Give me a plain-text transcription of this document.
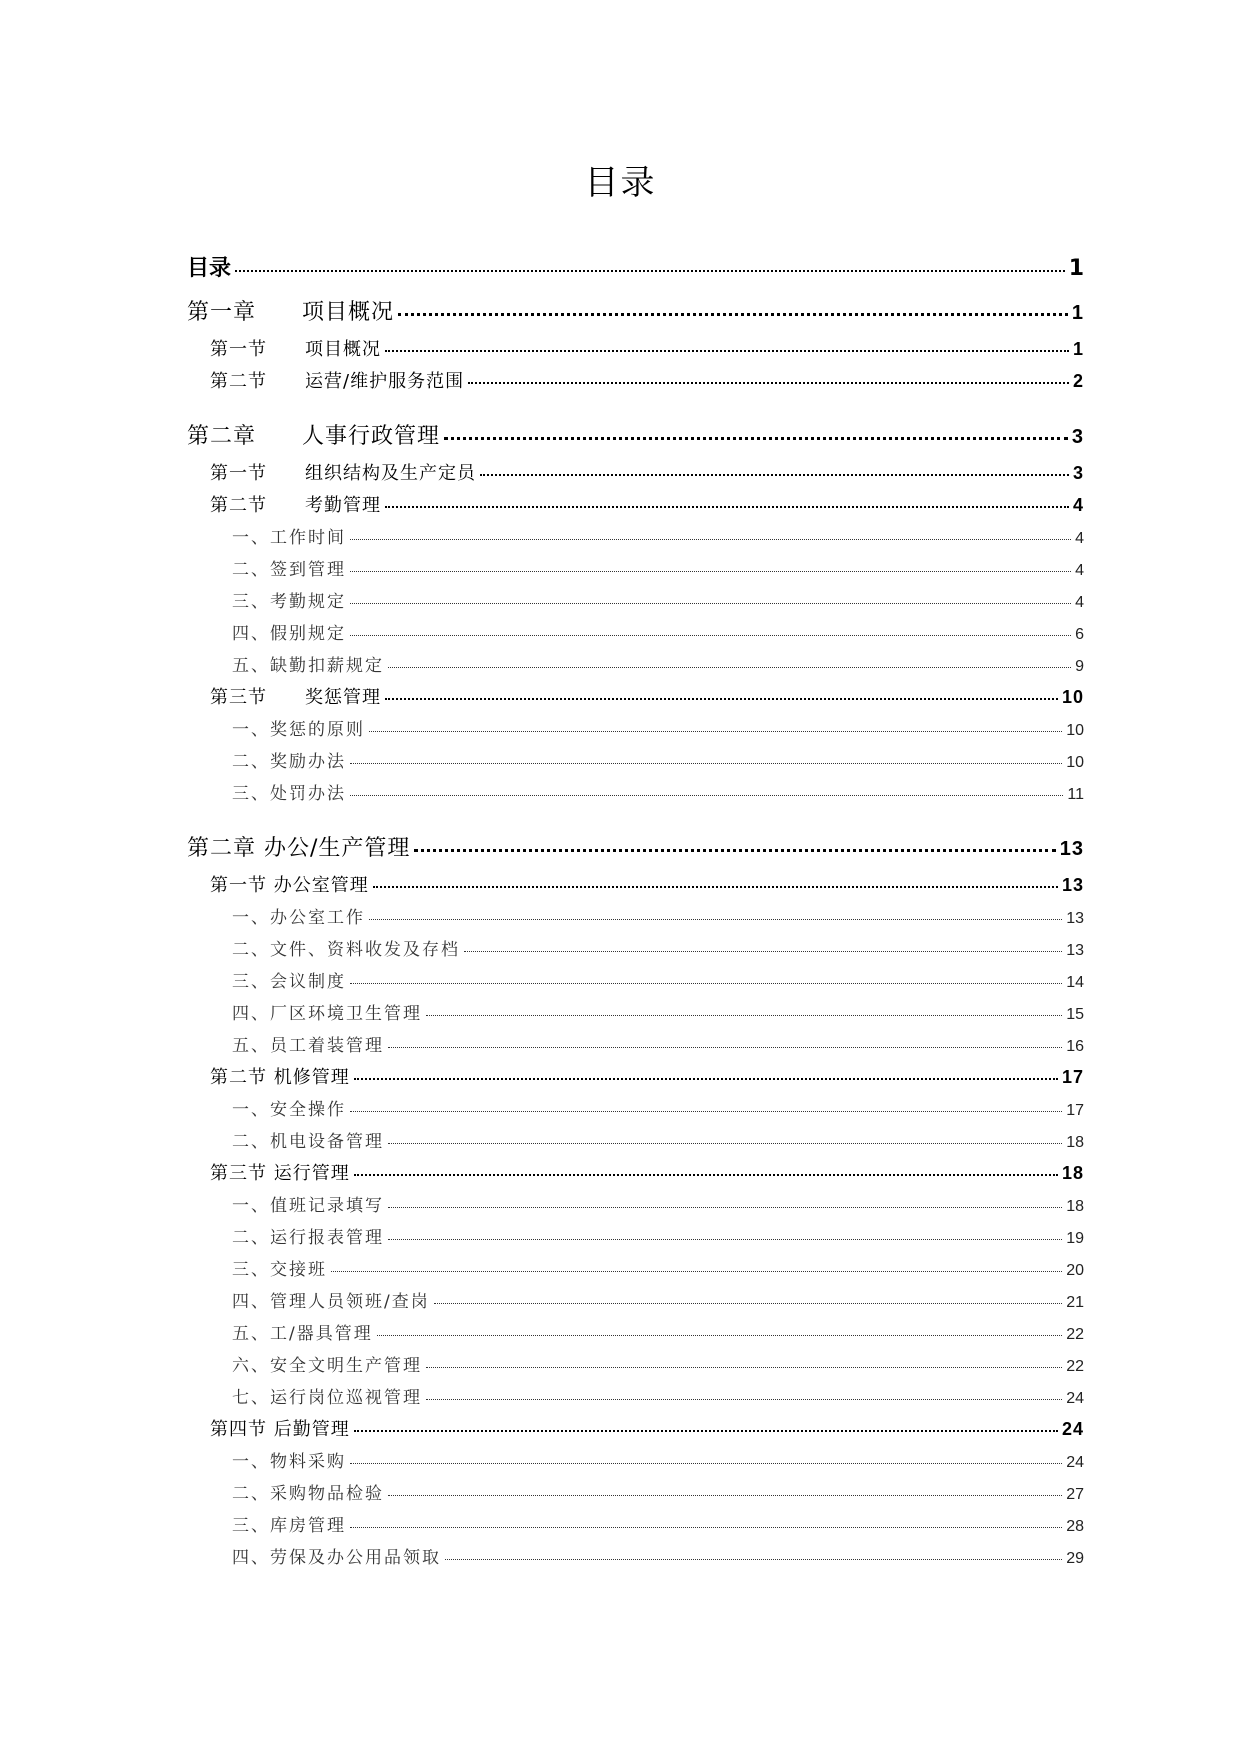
目录
目录	1
第一章　　项目概况	1
第一节　　项目概况	1
第二节　　运营/维护服务范围	2
第二章　　人事行政管理	3
第一节　　组织结构及生产定员	3
第二节　　考勤管理	4
一、工作时间	4
二、签到管理	4
三、考勤规定	4
四、假别规定	6
五、缺勤扣薪规定	9
第三节　　奖惩管理	10
一、奖惩的原则	10
二、奖励办法	10
三、处罚办法	11
第二章 办公/生产管理	13
第一节 办公室管理	13
一、办公室工作	13
二、文件、资料收发及存档	13
三、会议制度	14
四、厂区环境卫生管理	15
五、员工着装管理	16
第二节 机修管理	17
一、安全操作	17
二、机电设备管理	18
第三节 运行管理	18
一、值班记录填写	18
二、运行报表管理	19
三、交接班	20
四、管理人员领班/查岗	21
五、工/器具管理	22
六、安全文明生产管理	22
七、运行岗位巡视管理	24
第四节 后勤管理	24
一、物料采购	24
二、采购物品检验	27
三、库房管理	28
四、劳保及办公用品领取	29
